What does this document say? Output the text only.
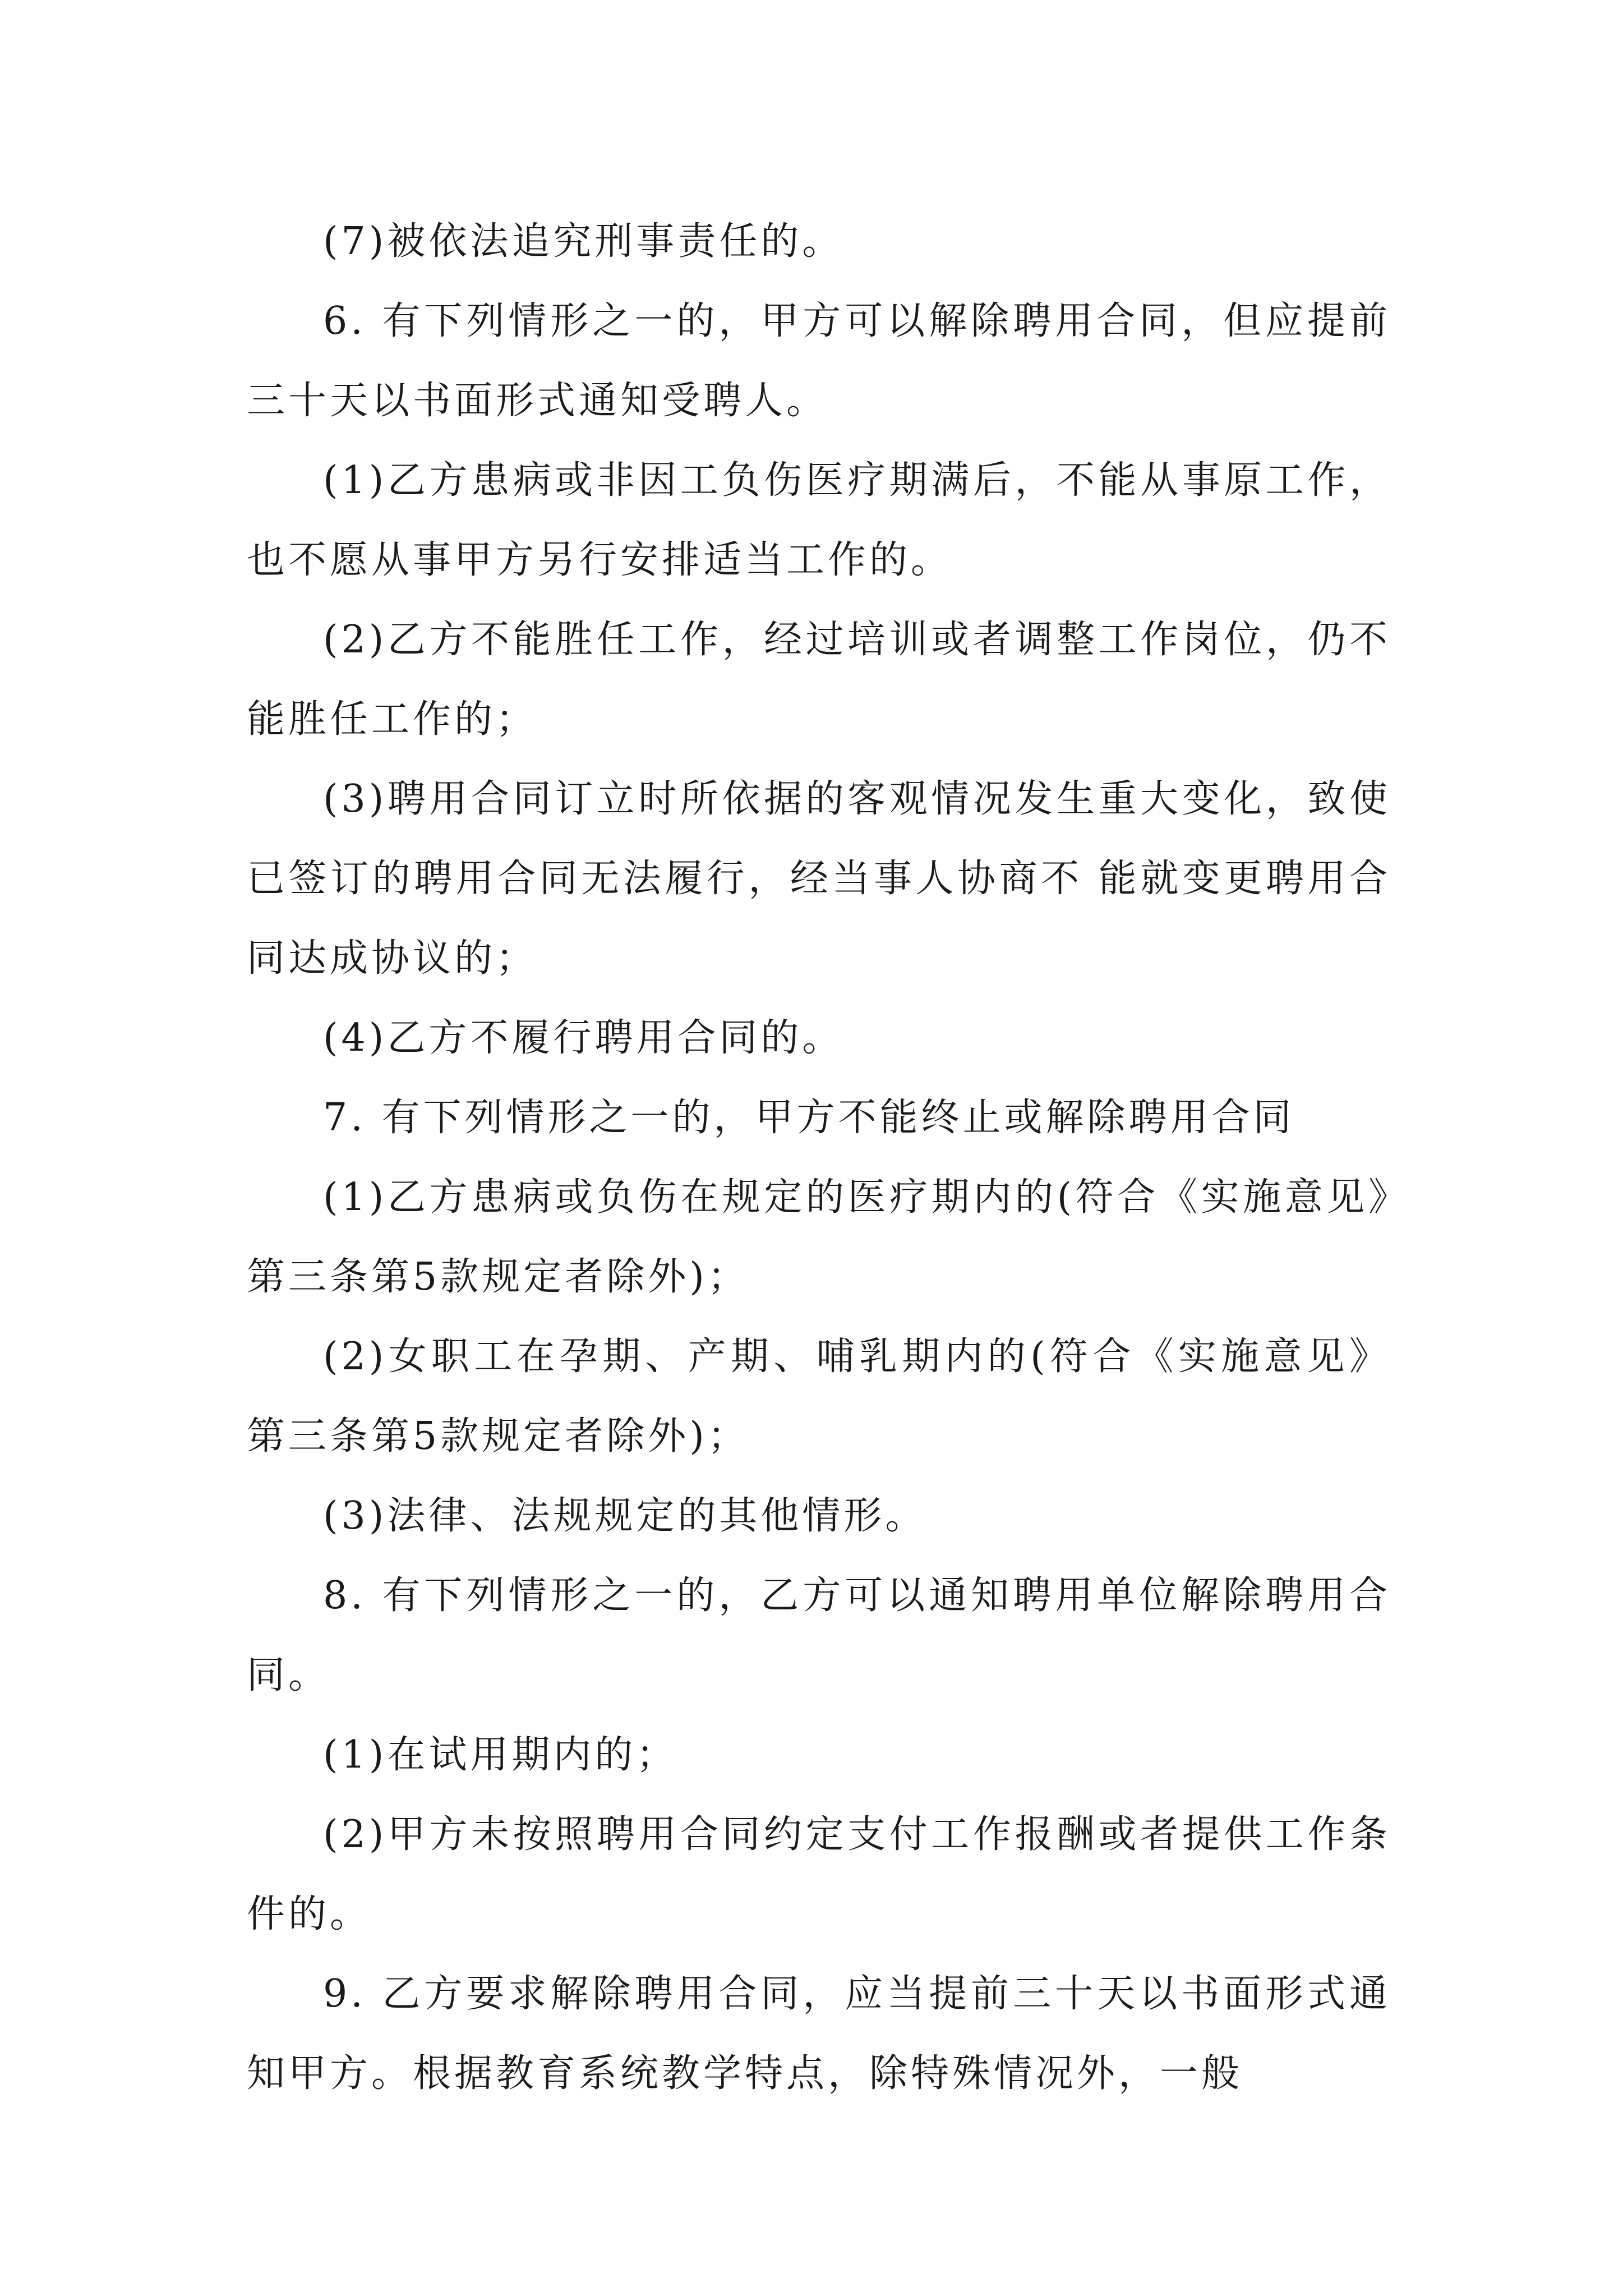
(7)被依法追究刑事责任的。

6. 有下列情形之一的，甲方可以解除聘用合同，但应提前三十天以书面形式通知受聘人。

(1)乙方患病或非因工负伤医疗期满后，不能从事原工作，也不愿从事甲方另行安排适当工作的。

(2)乙方不能胜任工作，经过培训或者调整工作岗位，仍不能胜任工作的；

(3)聘用合同订立时所依据的客观情况发生重大变化，致使已签订的聘用合同无法履行，经当事人协商不 能就变更聘用合同达成协议的；

(4)乙方不履行聘用合同的。

7. 有下列情形之一的，甲方不能终止或解除聘用合同

(1)乙方患病或负伤在规定的医疗期内的(符合《实施意见》第三条第5款规定者除外)；

(2)女职工在孕期、产期、哺乳期内的(符合《实施意见》第三条第5款规定者除外)；

(3)法律、法规规定的其他情形。

8. 有下列情形之一的，乙方可以通知聘用单位解除聘用合同。

(1)在试用期内的；

(2)甲方未按照聘用合同约定支付工作报酬或者提供工作条件的。

9. 乙方要求解除聘用合同，应当提前三十天以书面形式通知甲方。根据教育系统教学特点，除特殊情况外，一般
